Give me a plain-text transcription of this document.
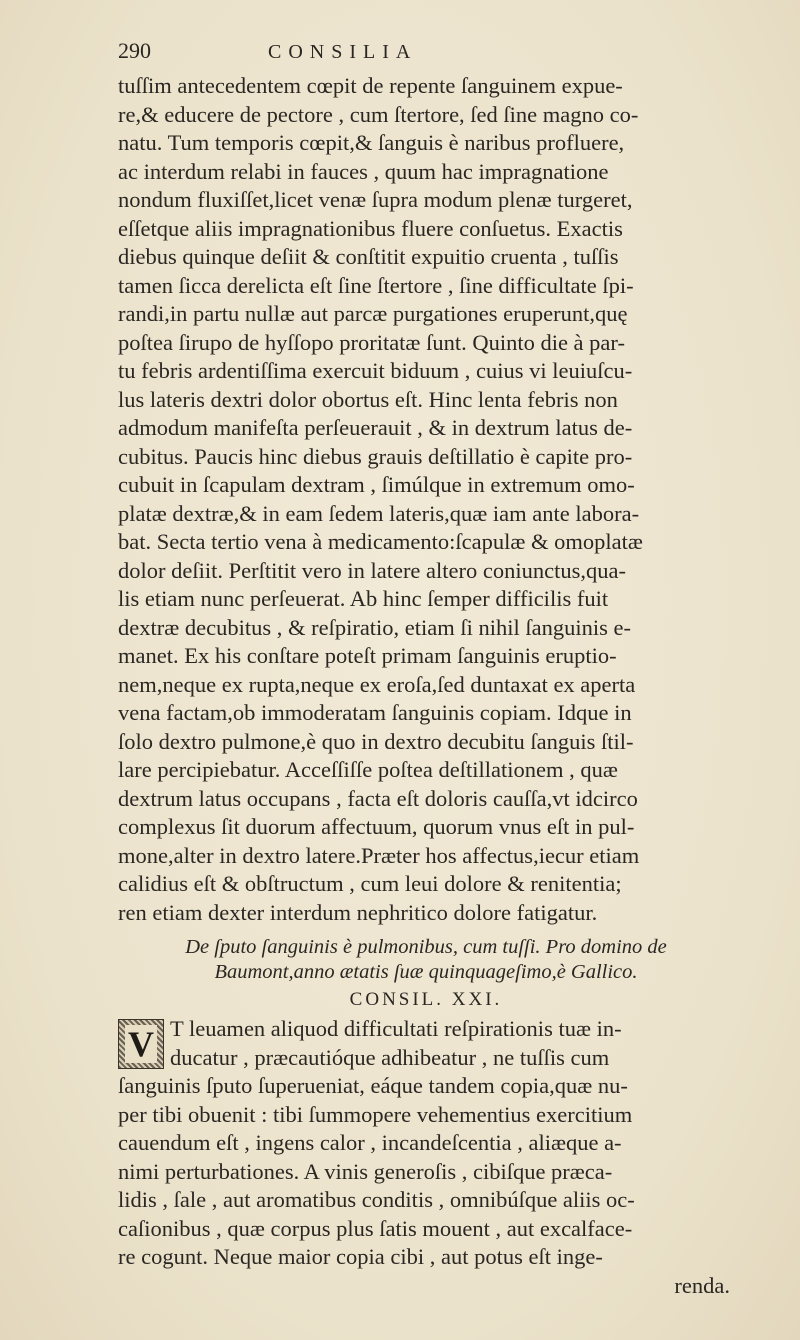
290	CONSILIA
tuſſim antecedentem cœpit de repente ſanguinem expue-
re,& educere de pectore , cum ſtertore, ſed ſine magno co-
natu. Tum temporis cœpit,& ſanguis è naribus profluere,
ac interdum relabi in fauces , quum hac impragnatione
nondum fluxiſſet,licet venæ ſupra modum plenæ turgeret,
eſſetque aliis impragnationibus fluere conſuetus. Exactis
diebus quinque deſiit & conſtitit expuitio cruenta , tuſſis
tamen ſicca derelicta eſt ſine ſtertore , ſine difficultate ſpi-
randi,in partu nullæ aut parcæ purgationes eruperunt,quę
poſtea ſirupo de hyſſopo proritatæ ſunt. Quinto die à par-
tu febris ardentiſſima exercuit biduum , cuius vi leuiuſcu-
lus lateris dextri dolor obortus eſt. Hinc lenta febris non
admodum manifeſta perſeuerauit , & in dextrum latus de-
cubitus. Paucis hinc diebus grauis deſtillatio è capite pro-
cubuit in ſcapulam dextram , ſimúlque in extremum omo-
platæ dextræ,& in eam ſedem lateris,quæ iam ante labora-
bat. Secta tertio vena à medicamento:ſcapulæ & omoplatæ
dolor deſiit. Perſtitit vero in latere altero coniunctus,qua-
lis etiam nunc perſeuerat. Ab hinc ſemper difficilis fuit
dextræ decubitus , & reſpiratio, etiam ſi nihil ſanguinis e-
manet. Ex his conſtare poteſt primam ſanguinis eruptio-
nem,neque ex rupta,neque ex eroſa,ſed duntaxat ex aperta
vena factam,ob immoderatam ſanguinis copiam. Idque in
ſolo dextro pulmone,è quo in dextro decubitu ſanguis ſtil-
lare percipiebatur. Acceſſiſſe poſtea deſtillationem , quæ
dextrum latus occupans , facta eſt doloris cauſſa,vt idcirco
complexus ſit duorum affectuum, quorum vnus eſt in pul-
mone,alter in dextro latere.Præter hos affectus,iecur etiam
calidius eſt & obſtructum , cum leui dolore & renitentia;
ren etiam dexter interdum nephritico dolore fatigatur.
De ſputo ſanguinis è pulmonibus, cum tuſſi. Pro domino de
Baumont,anno ætatis ſuæ quinquageſimo,è Gallico.
CONSIL. XXI.
V T leuamen aliquod difficultati reſpirationis tuæ in-
ducatur , præcautióque adhibeatur , ne tuſſis cum
ſanguinis ſputo ſuperueniat, eáque tandem copia,quæ nu-
per tibi obuenit : tibi ſummopere vehementius exercitium
cauendum eſt , ingens calor , incandeſcentia , aliæque a-
nimi perturbationes. A vinis generoſis , cibiſque præca-
lidis , ſale , aut aromatibus conditis , omnibúſque aliis oc-
caſionibus , quæ corpus plus ſatis mouent , aut excalface-
re cogunt. Neque maior copia cibi , aut potus eſt inge-
renda.
